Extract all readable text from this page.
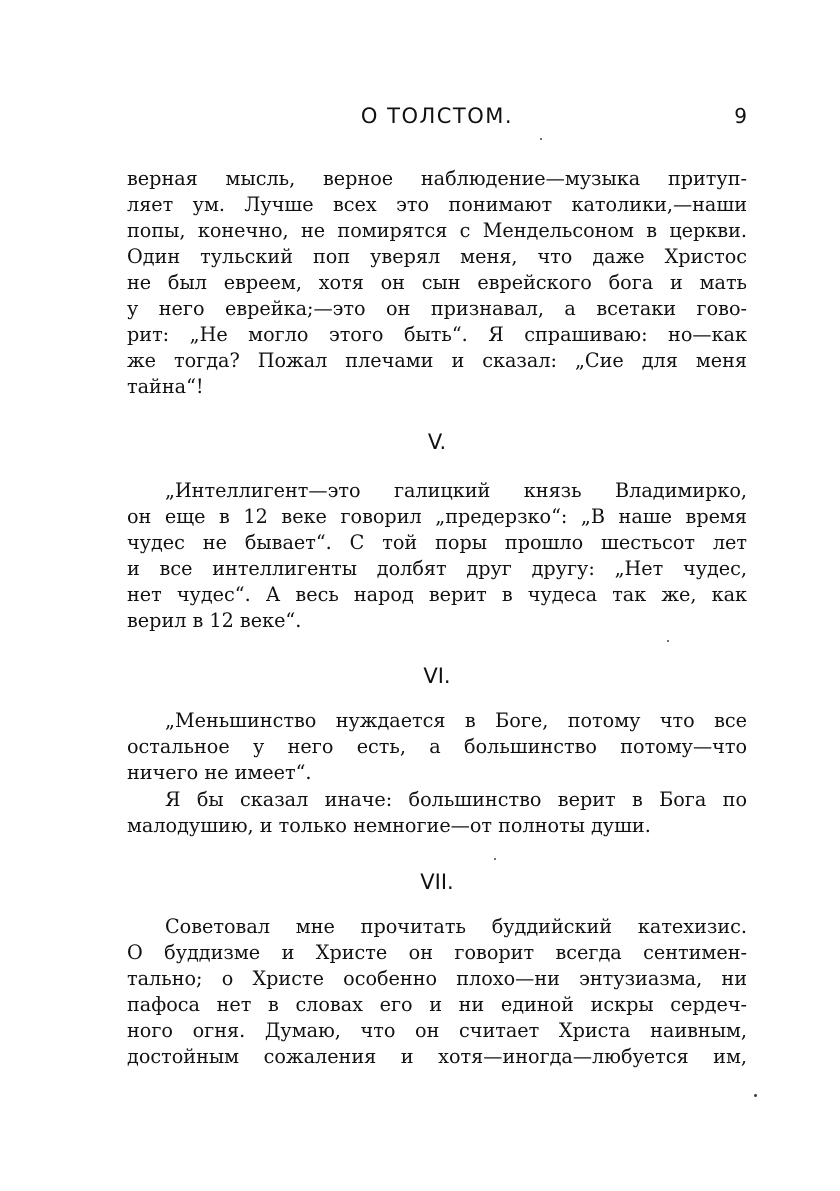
О ТОЛСТОМ.	9
верная мысль, верное наблюдение—музыка притуп-
ляет ум. Лучше всех это понимают католики,—наши
попы, конечно, не помирятся с Мендельсоном в церкви.
Один тульский поп уверял меня, что даже Христос
не был евреем, хотя он сын еврейского бога и мать
у него еврейка;—это он признавал, а всетаки гово-
рит: „Не могло этого быть“. Я спрашиваю: но—как
же тогда? Пожал плечами и сказал: „Сие для меня
тайна“!
V.
„Интеллигент—это галицкий князь Владимирко,
он еще в 12 веке говорил „предерзко“: „В наше время
чудес не бывает“. С той поры прошло шестьсот лет
и все интеллигенты долбят друг другу: „Нет чудес,
нет чудес“. А весь народ верит в чудеса так же, как
верил в 12 веке“.
VI.
„Меньшинство нуждается в Боге, потому что все
остальное у него есть, а большинство потому—что
ничего не имеет“.
Я бы сказал иначе: большинство верит в Бога по
малодушию, и только немногие—от полноты души.
VII.
Советовал мне прочитать буддийский катехизис.
О буддизме и Христе он говорит всегда сентимен-
тально; о Христе особенно плохо—ни энтузиазма, ни
пафоса нет в словах его и ни единой искры сердеч-
ного огня. Думаю, что он считает Христа наивным,
достойным сожаления и хотя—иногда—любуется им,
